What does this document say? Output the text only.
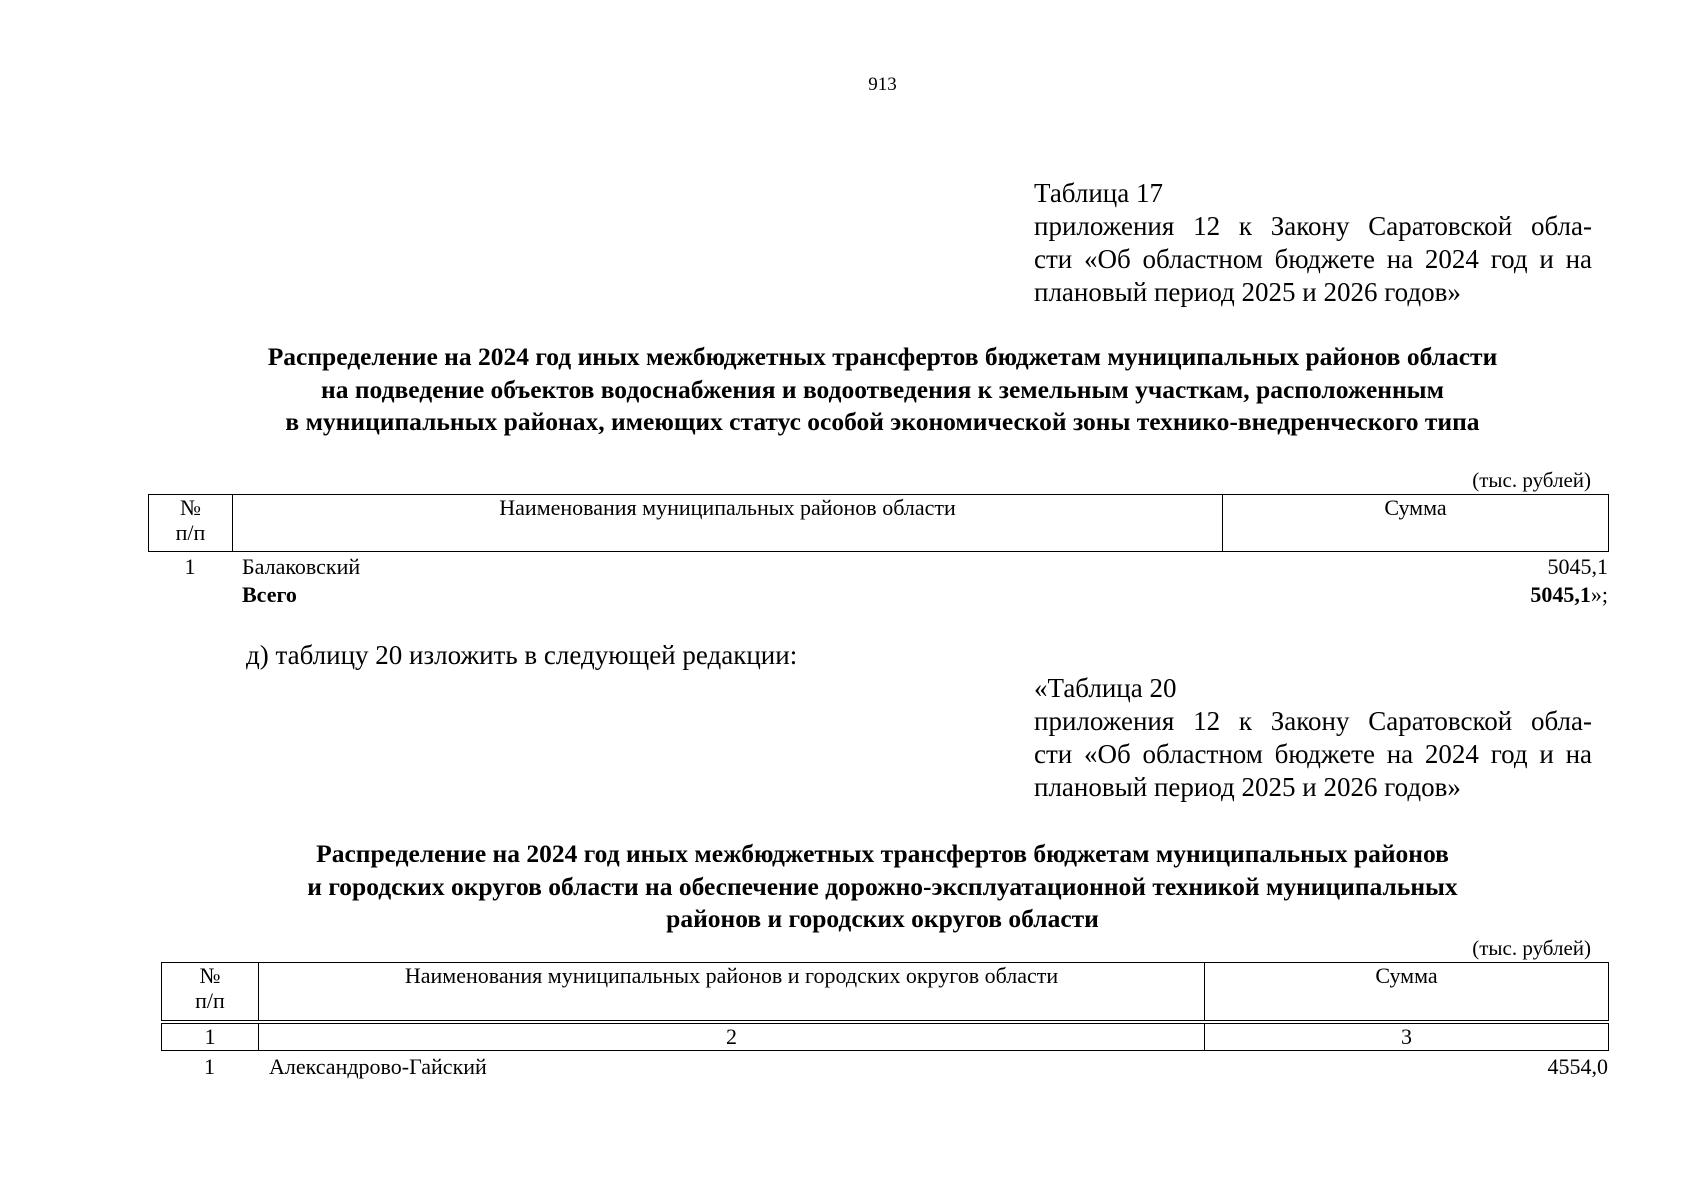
913
Таблица 17
приложения 12 к Закону Саратовской обла-
сти «Об областном бюджете на 2024 год и на
плановый период 2025 и 2026 годов»
Распределение на 2024 год иных межбюджетных трансфертов бюджетам муниципальных районов области
на подведение объектов водоснабжения и водоотведения к земельным участкам, расположенным
в муниципальных районах, имеющих статус особой экономической зоны технико-внедренческого типа
(тыс. рублей)
№
п/п
	Наименования муниципальных районов области	Сумма
1	Балаковский	5045,1
Всего	5045,1»;
д) таблицу 20 изложить в следующей редакции:
«Таблица 20
приложения 12 к Закону Саратовской обла-
сти «Об областном бюджете на 2024 год и на
плановый период 2025 и 2026 годов»
Распределение на 2024 год иных межбюджетных трансфертов бюджетам муниципальных районов
и городских округов области на обеспечение дорожно-эксплуатационной техникой муниципальных
районов и городских округов области
(тыс. рублей)
№
п/п
	Наименования муниципальных районов и городских округов области	Сумма
1	2	3
1	Александрово-Гайский	4554,0
